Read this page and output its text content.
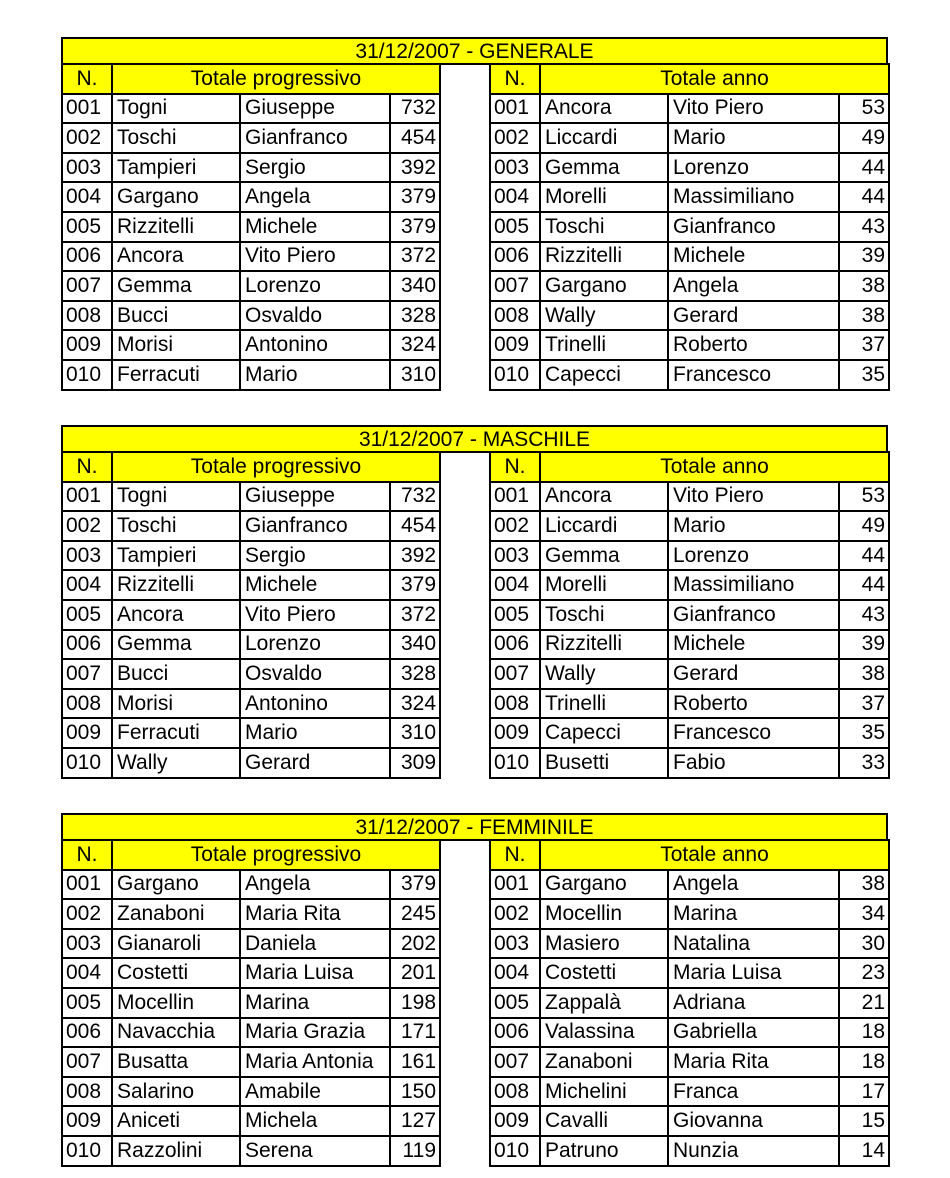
31/12/2007 - GENERALE
N.	Totale progressivo		
001	Togni	Giuseppe	732
002	Toschi	Gianfranco	454
003	Tampieri	Sergio	392
004	Gargano	Angela	379
005	Rizzitelli	Michele	379
006	Ancora	Vito Piero	372
007	Gemma	Lorenzo	340
008	Bucci	Osvaldo	328
009	Morisi	Antonino	324
010	Ferracuti	Mario	310
N.	Totale anno		
001	Ancora	Vito Piero	53
002	Liccardi	Mario	49
003	Gemma	Lorenzo	44
004	Morelli	Massimiliano	44
005	Toschi	Gianfranco	43
006	Rizzitelli	Michele	39
007	Gargano	Angela	38
008	Wally	Gerard	38
009	Trinelli	Roberto	37
010	Capecci	Francesco	35
31/12/2007 - MASCHILE
N.	Totale progressivo		
001	Togni	Giuseppe	732
002	Toschi	Gianfranco	454
003	Tampieri	Sergio	392
004	Rizzitelli	Michele	379
005	Ancora	Vito Piero	372
006	Gemma	Lorenzo	340
007	Bucci	Osvaldo	328
008	Morisi	Antonino	324
009	Ferracuti	Mario	310
010	Wally	Gerard	309
N.	Totale anno		
001	Ancora	Vito Piero	53
002	Liccardi	Mario	49
003	Gemma	Lorenzo	44
004	Morelli	Massimiliano	44
005	Toschi	Gianfranco	43
006	Rizzitelli	Michele	39
007	Wally	Gerard	38
008	Trinelli	Roberto	37
009	Capecci	Francesco	35
010	Busetti	Fabio	33
31/12/2007 - FEMMINILE
N.	Totale progressivo		
001	Gargano	Angela	379
002	Zanaboni	Maria Rita	245
003	Gianaroli	Daniela	202
004	Costetti	Maria Luisa	201
005	Mocellin	Marina	198
006	Navacchia	Maria Grazia	171
007	Busatta	Maria Antonia	161
008	Salarino	Amabile	150
009	Aniceti	Michela	127
010	Razzolini	Serena	119
N.	Totale anno		
001	Gargano	Angela	38
002	Mocellin	Marina	34
003	Masiero	Natalina	30
004	Costetti	Maria Luisa	23
005	Zappalà	Adriana	21
006	Valassina	Gabriella	18
007	Zanaboni	Maria Rita	18
008	Michelini	Franca	17
009	Cavalli	Giovanna	15
010	Patruno	Nunzia	14
